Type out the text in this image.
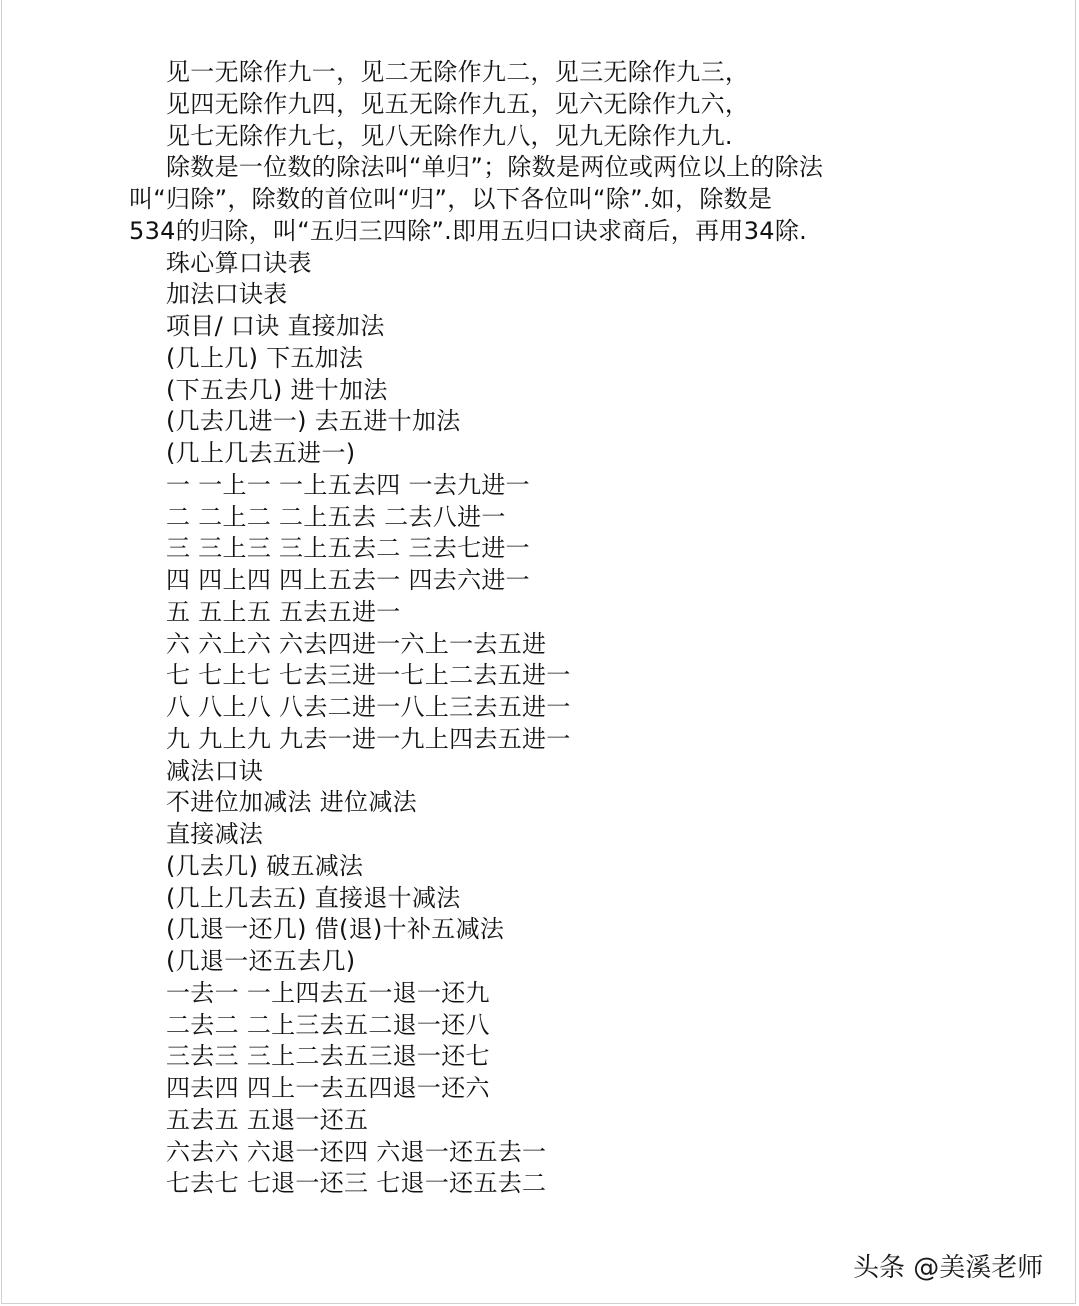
见一无除作九一，见二无除作九二，见三无除作九三，
见四无除作九四，见五无除作九五，见六无除作九六，
见七无除作九七，见八无除作九八，见九无除作九九.
除数是一位数的除法叫“单归”；除数是两位或两位以上的除法
叫“归除”，除数的首位叫“归”，以下各位叫“除”.如，除数是
534的归除，叫“五归三四除”.即用五归口诀求商后，再用34除.
珠心算口诀表
加法口诀表
项目/ 口诀 直接加法
(几上几) 下五加法
(下五去几) 进十加法
(几去几进一) 去五进十加法
(几上几去五进一)
一 一上一 一上五去四 一去九进一
二 二上二 二上五去 二去八进一
三 三上三 三上五去二 三去七进一
四 四上四 四上五去一 四去六进一
五 五上五 五去五进一
六 六上六 六去四进一六上一去五进
七 七上七 七去三进一七上二去五进一
八 八上八 八去二进一八上三去五进一
九 九上九 九去一进一九上四去五进一
减法口诀
不进位加减法 进位减法
直接减法
(几去几) 破五减法
(几上几去五) 直接退十减法
(几退一还几) 借(退)十补五减法
(几退一还五去几)
一去一 一上四去五一退一还九
二去二 二上三去五二退一还八
三去三 三上二去五三退一还七
四去四 四上一去五四退一还六
五去五 五退一还五
六去六 六退一还四 六退一还五去一
七去七 七退一还三 七退一还五去二
头条 @美溪老师
